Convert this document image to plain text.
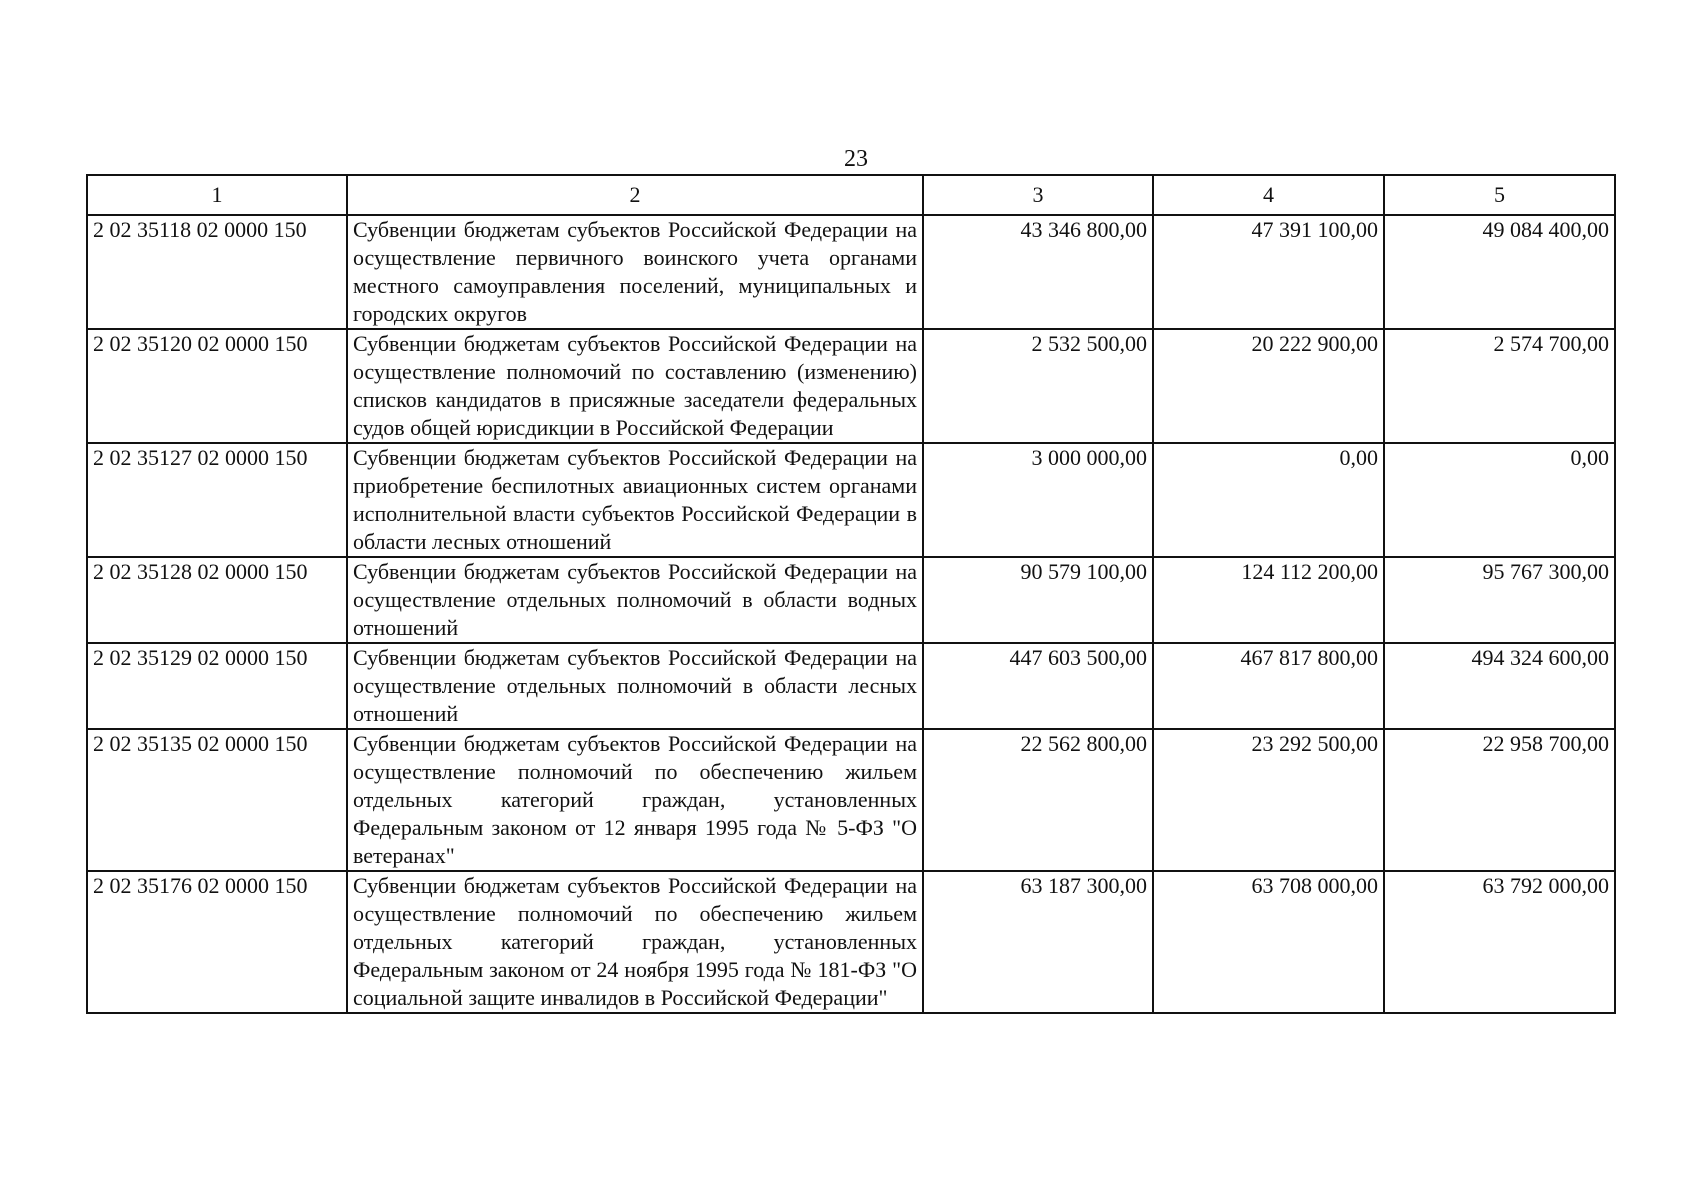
23
1	2	3	4	5
2 02 35118 02 0000 150	Субвенции бюджетам субъектов Российской Федерации на осуществление первичного воинского учета органами местного самоуправления поселений, муниципальных и городских округов	43 346 800,00	47 391 100,00	49 084 400,00
2 02 35120 02 0000 150	Субвенции бюджетам субъектов Российской Федерации на осуществление полномочий по составлению (изменению) списков кандидатов в присяжные заседатели федеральных судов общей юрисдикции в Российской Федерации	2 532 500,00	20 222 900,00	2 574 700,00
2 02 35127 02 0000 150	Субвенции бюджетам субъектов Российской Федерации на приобретение беспилотных авиационных систем органами исполнительной власти субъектов Российской Федерации в области лесных отношений	3 000 000,00	0,00	0,00
2 02 35128 02 0000 150	Субвенции бюджетам субъектов Российской Федерации на осуществление отдельных полномочий в области водных отношений	90 579 100,00	124 112 200,00	95 767 300,00
2 02 35129 02 0000 150	Субвенции бюджетам субъектов Российской Федерации на осуществление отдельных полномочий в области лесных отношений	447 603 500,00	467 817 800,00	494 324 600,00
2 02 35135 02 0000 150	Субвенции бюджетам субъектов Российской Федерации на осуществление полномочий по обеспечению жильем отдельных категорий граждан, установленных Федеральным законом от 12 января 1995 года № 5-ФЗ "О ветеранах"	22 562 800,00	23 292 500,00	22 958 700,00
2 02 35176 02 0000 150	Субвенции бюджетам субъектов Российской Федерации на осуществление полномочий по обеспечению жильем отдельных категорий граждан, установленных Федеральным законом от 24 ноября 1995 года № 181-ФЗ "О социальной защите инвалидов в Российской Федерации"	63 187 300,00	63 708 000,00	63 792 000,00
